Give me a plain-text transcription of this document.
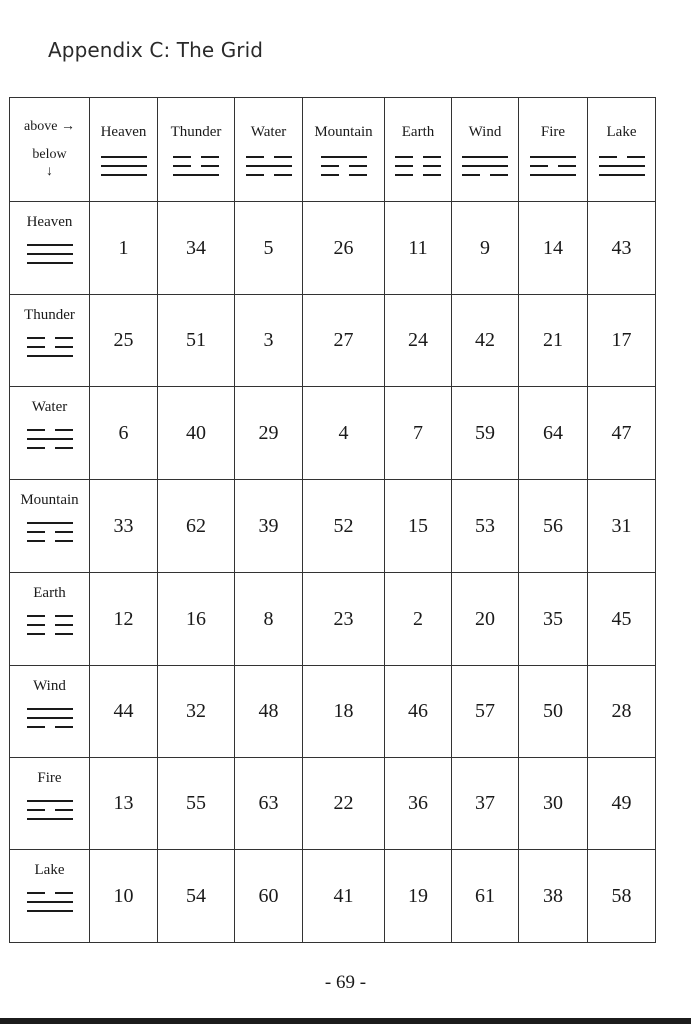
Appendix C: The Grid
above →
below
↓	Heaven	Thunder	Water	Mountain	Earth	Wind	Fire	Lake

Heaven	1	34	5	26	11	9	14	43

Thunder	25	51	3	27	24	42	21	17

Water	6	40	29	4	7	59	64	47

Mountain	33	62	39	52	15	53	56	31

Earth	12	16	8	23	2	20	35	45

Wind	44	32	48	18	46	57	50	28

Fire	13	55	63	22	36	37	30	49

Lake	10	54	60	41	19	61	38	58
- 69 -
